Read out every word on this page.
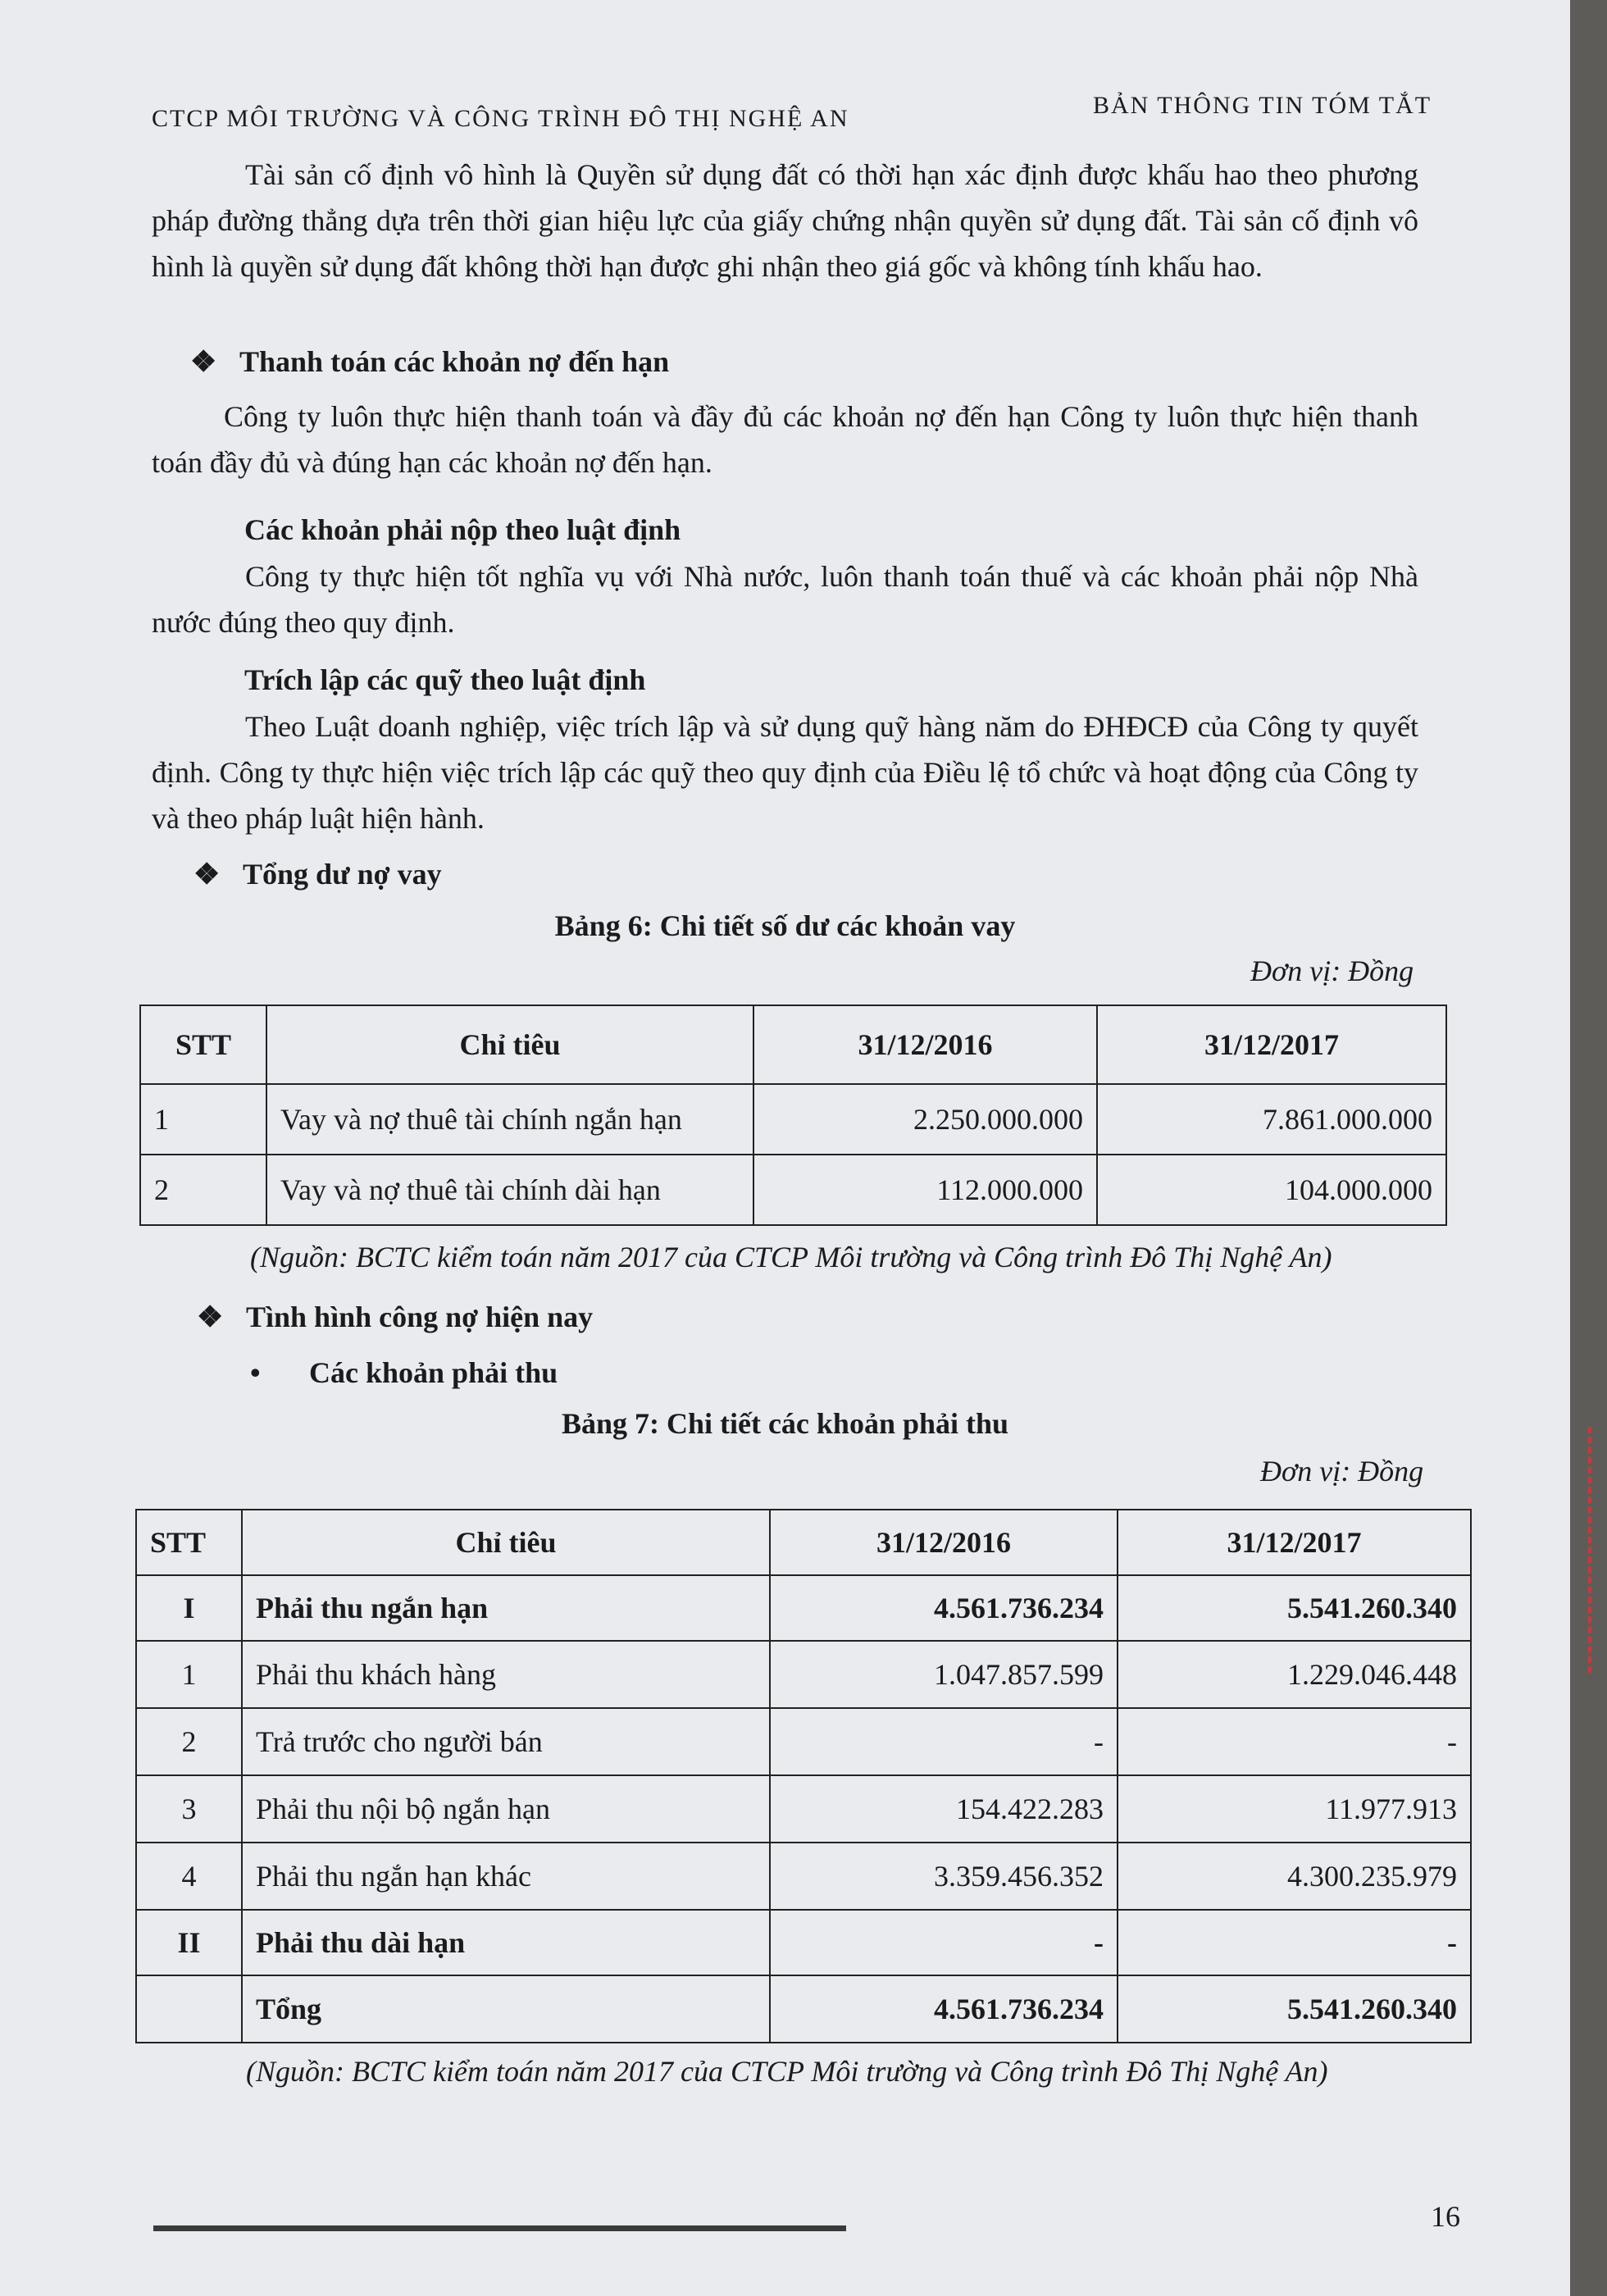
CTCP MÔI TRƯỜNG VÀ CÔNG TRÌNH ĐÔ THỊ NGHỆ AN	BẢN THÔNG TIN TÓM TẮT
Tài sản cố định vô hình là Quyền sử dụng đất có thời hạn xác định được khấu hao theo phương pháp đường thẳng dựa trên thời gian hiệu lực của giấy chứng nhận quyền sử dụng đất. Tài sản cố định vô hình là quyền sử dụng đất không thời hạn được ghi nhận theo giá gốc và không tính khấu hao.
❖ Thanh toán các khoản nợ đến hạn
Công ty luôn thực hiện thanh toán và đầy đủ các khoản nợ đến hạn Công ty luôn thực hiện thanh toán đầy đủ và đúng hạn các khoản nợ đến hạn.
Các khoản phải nộp theo luật định
Công ty thực hiện tốt nghĩa vụ với Nhà nước, luôn thanh toán thuế và các khoản phải nộp Nhà nước đúng theo quy định.
Trích lập các quỹ theo luật định
Theo Luật doanh nghiệp, việc trích lập và sử dụng quỹ hàng năm do ĐHĐCĐ của Công ty quyết định. Công ty thực hiện việc trích lập các quỹ theo quy định của Điều lệ tổ chức và hoạt động của Công ty và theo pháp luật hiện hành.
❖ Tổng dư nợ vay
Bảng 6: Chi tiết số dư các khoản vay
Đơn vị: Đồng
STT	Chỉ tiêu	31/12/2016	31/12/2017
1	Vay và nợ thuê tài chính ngắn hạn	2.250.000.000	7.861.000.000
2	Vay và nợ thuê tài chính dài hạn	112.000.000	104.000.000
(Nguồn: BCTC kiểm toán năm 2017 của CTCP Môi trường và Công trình Đô Thị Nghệ An)
❖ Tình hình công nợ hiện nay
• Các khoản phải thu
Bảng 7: Chi tiết các khoản phải thu
Đơn vị: Đồng
STT	Chỉ tiêu	31/12/2016	31/12/2017
I	Phải thu ngắn hạn	4.561.736.234	5.541.260.340
1	Phải thu khách hàng	1.047.857.599	1.229.046.448
2	Trả trước cho người bán	-	-
3	Phải thu nội bộ ngắn hạn	154.422.283	11.977.913
4	Phải thu ngắn hạn khác	3.359.456.352	4.300.235.979
II	Phải thu dài hạn	-	-
	Tổng	4.561.736.234	5.541.260.340
(Nguồn: BCTC kiểm toán năm 2017 của CTCP Môi trường và Công trình Đô Thị Nghệ An)
16
